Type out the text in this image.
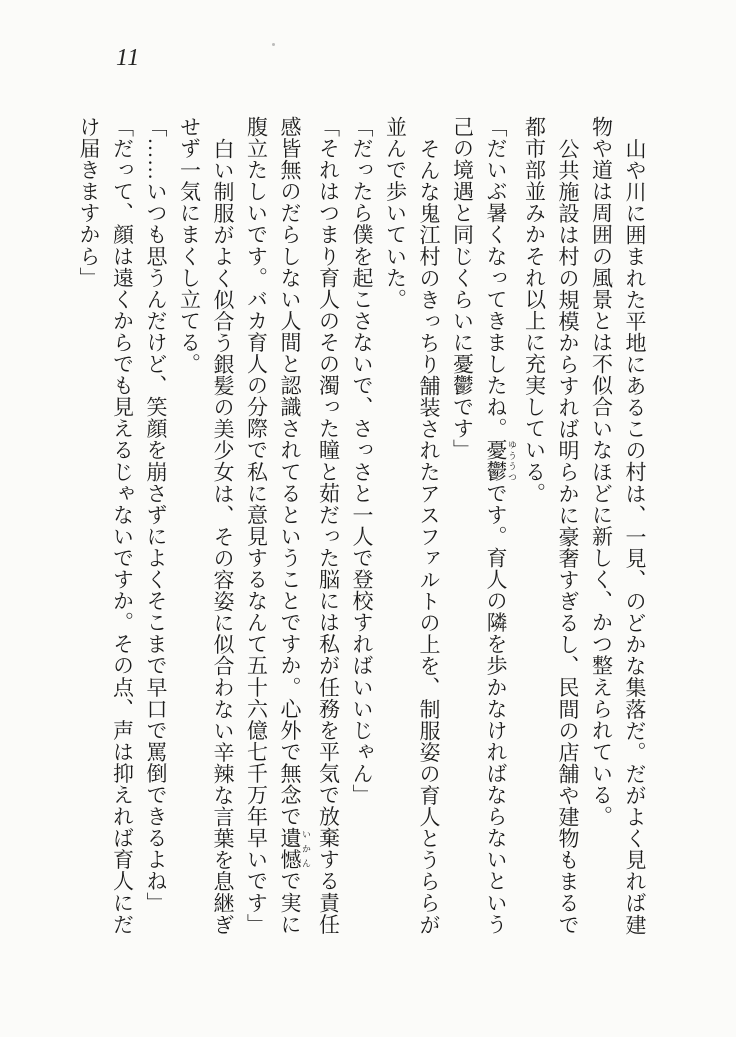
11
山や川に囲まれた平地にあるこの村は、一見、のどかな集落だ。だがよく見れば建
物や道は周囲の風景とは不似合いなほどに新しく、かつ整えられている。
公共施設は村の規模からすれば明らかに豪奢すぎるし、民間の店舗や建物もまるで
都市部並みかそれ以上に充実している。
「だいぶ暑くなってきましたね。憂鬱 ゆううつです。育人の隣を歩かなければならないという
己の境遇と同じくらいに憂鬱です」
そんな鬼江村のきっちり舗装されたアスファルトの上を、制服姿の育人とうららが
並んで歩いていた。
「だったら僕を起こさないで、さっさと一人で登校すればいいじゃん」
「それはつまり育人のその濁った瞳と茹だった脳には私が任務を平気で放棄する責任
感皆無のだらしない人間と認識されてるということですか。心外で無念で遺憾 いかんで実に
腹立たしいです。バカ育人の分際で私に意見するなんて五十六億七千万年早いです」
白い制服がよく似合う銀髪の美少女は、その容姿に似合わない辛辣な言葉を息継ぎ
せず一気にまくし立てる。
「……いつも思うんだけど、笑顔を崩さずによくそこまで早口で罵倒できるよね」
「だって、顔は遠くからでも見えるじゃないですか。その点、声は抑えれば育人にだ
け届きますから」
